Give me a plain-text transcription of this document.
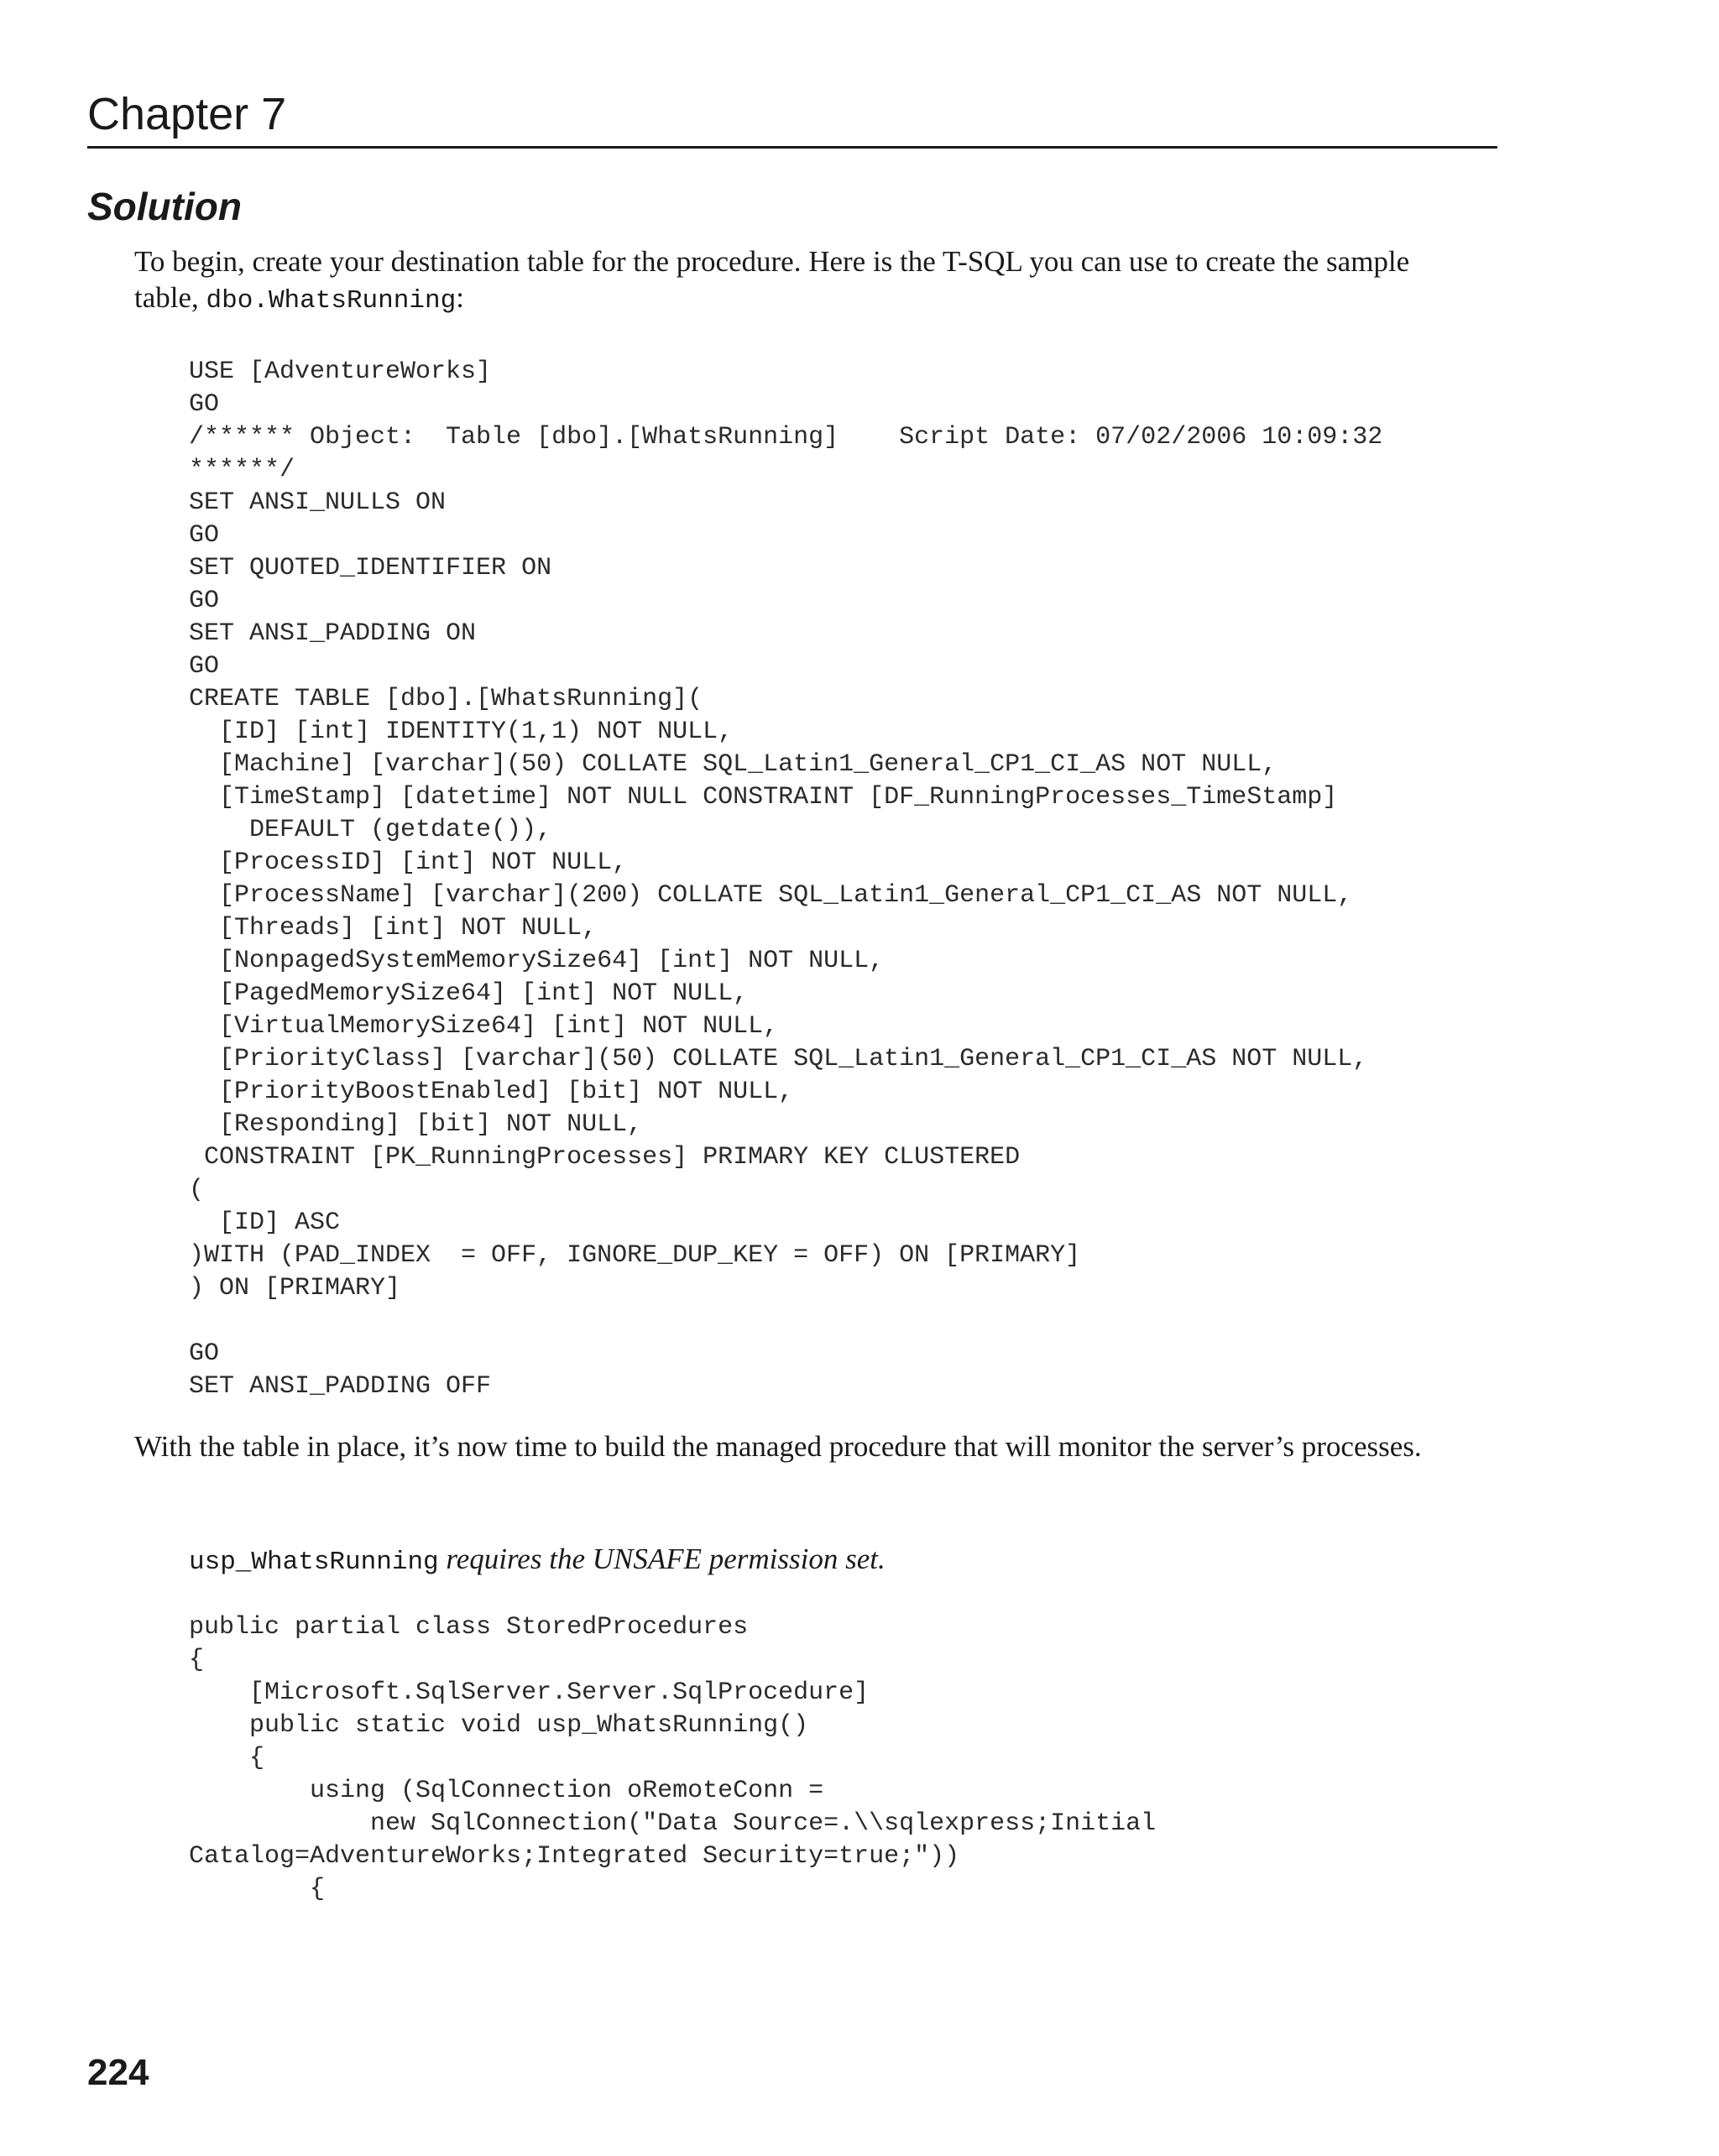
Chapter 7
Solution

To begin, create your destination table for the procedure. Here is the T-SQL you can use to create the sample table, dbo.WhatsRunning:

USE [AdventureWorks]
GO
/****** Object:  Table [dbo].[WhatsRunning]    Script Date: 07/02/2006 10:09:32
******/
SET ANSI_NULLS ON
GO
SET QUOTED_IDENTIFIER ON
GO
SET ANSI_PADDING ON
GO
CREATE TABLE [dbo].[WhatsRunning](
[ID] [int] IDENTITY(1,1) NOT NULL,
[Machine] [varchar](50) COLLATE SQL_Latin1_General_CP1_CI_AS NOT NULL,
[TimeStamp] [datetime] NOT NULL CONSTRAINT [DF_RunningProcesses_TimeStamp]
DEFAULT (getdate()),
[ProcessID] [int] NOT NULL,
[ProcessName] [varchar](200) COLLATE SQL_Latin1_General_CP1_CI_AS NOT NULL,
[Threads] [int] NOT NULL,
[NonpagedSystemMemorySize64] [int] NOT NULL,
[PagedMemorySize64] [int] NOT NULL,
[VirtualMemorySize64] [int] NOT NULL,
[PriorityClass] [varchar](50) COLLATE SQL_Latin1_General_CP1_CI_AS NOT NULL,
[PriorityBoostEnabled] [bit] NOT NULL,
[Responding] [bit] NOT NULL,
CONSTRAINT [PK_RunningProcesses] PRIMARY KEY CLUSTERED
(
[ID] ASC
)WITH (PAD_INDEX  = OFF, IGNORE_DUP_KEY = OFF) ON [PRIMARY]
) ON [PRIMARY]

GO
SET ANSI_PADDING OFF

With the table in place, it’s now time to build the managed procedure that will monitor the server’s processes.

usp_WhatsRunning requires the UNSAFE permission set.
public partial class StoredProcedures
{
[Microsoft.SqlServer.Server.SqlProcedure]
public static void usp_WhatsRunning()
{
using (SqlConnection oRemoteConn =
new SqlConnection("Data Source=.\\sqlexpress;Initial
Catalog=AdventureWorks;Integrated Security=true;"))
{
224
